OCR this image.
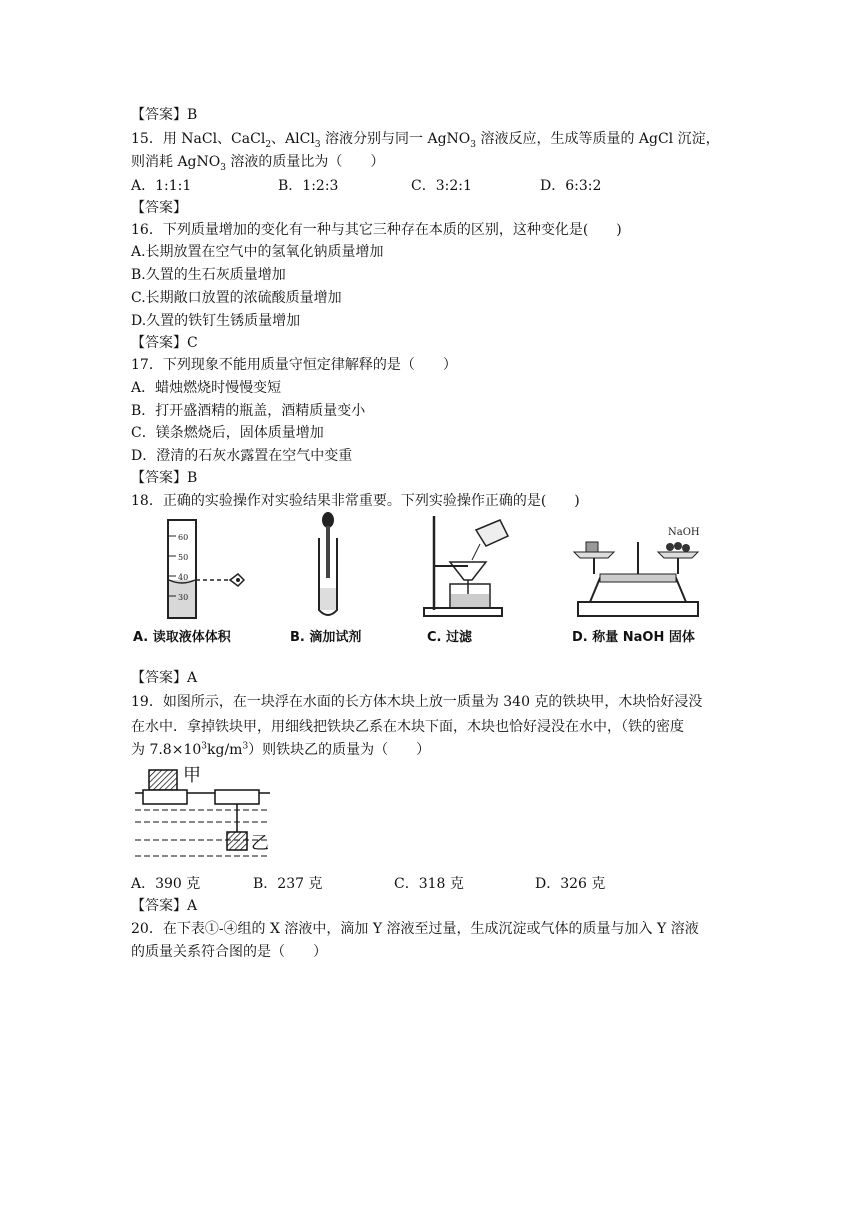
【答案】B
15．用 NaCl、CaCl$_2$、AlCl$_3$ 溶液分别与同一 AgNO$_3$ 溶液反应，生成等质量的 AgCl 沉淀，
则消耗 AgNO$_3$ 溶液的质量比为（　　）
A．1:1:1	B．1:2:3	C．3:2:1	D．6:3:2
【答案】
16．下列质量增加的变化有一种与其它三种存在本质的区别，这种变化是(　　)
A.长期放置在空气中的氢氧化钠质量增加
B.久置的生石灰质量增加
C.长期敞口放置的浓硫酸质量增加
D.久置的铁钉生锈质量增加
【答案】C
17．下列现象不能用质量守恒定律解释的是（　　）
A．蜡烛燃烧时慢慢变短
B．打开盛酒精的瓶盖，酒精质量变小
C．镁条燃烧后，固体质量增加
D．澄清的石灰水露置在空气中变重
【答案】B
18．正确的实验操作对实验结果非常重要。下列实验操作正确的是(　　)
60
50
40
30
A. 读取液体体积	B. 滴加试剂	C. 过滤
NaOH
D. 称量 NaOH 固体
【答案】A
19．如图所示，在一块浮在水面的长方体木块上放一质量为 340 克的铁块甲，木块恰好浸没
在水中．拿掉铁块甲，用细线把铁块乙系在木块下面，木块也恰好浸没在水中，（铁的密度
为 $7.8\times 10^3kg/m^3$）则铁块乙的质量为（　　）
甲
乙
A．390 克	B．237 克	C．318 克	D．326 克
【答案】A
20．在下表①-④组的 X 溶液中，滴加 Y 溶液至过量，生成沉淀或气体的质量与加入 Y 溶液
的质量关系符合图的是（　　）
